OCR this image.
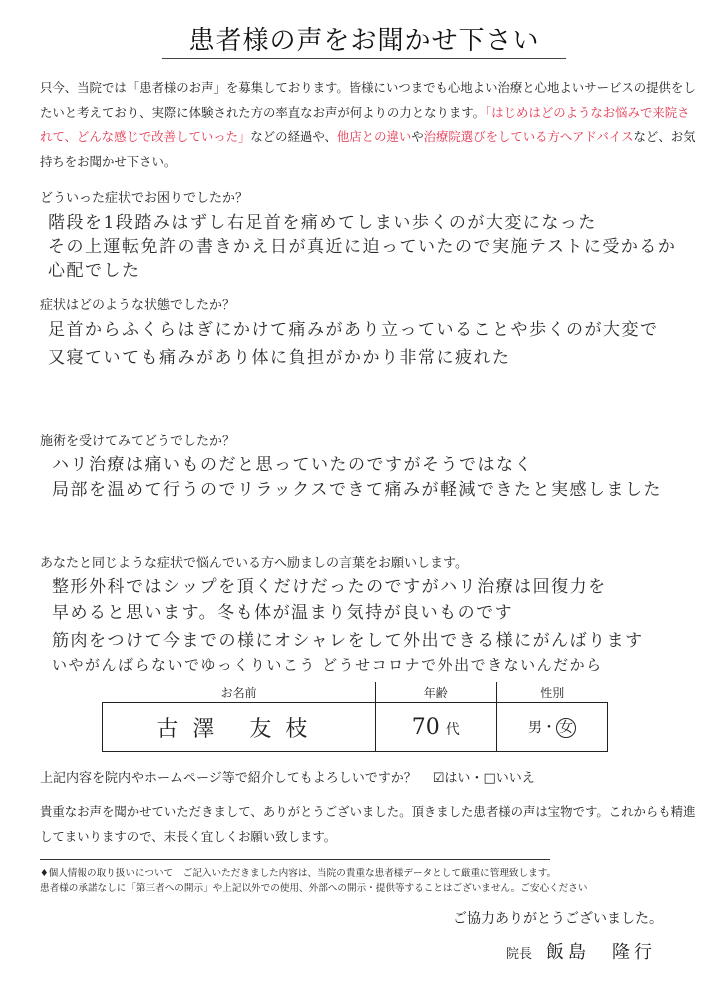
患者様の声をお聞かせ下さい
只今、当院では「患者様のお声」を募集しております。皆様にいつまでも心地よい治療と心地よいサービスの提供をしたいと考えており、実際に体験された方の率直なお声が何よりの力となります。「はじめはどのようなお悩みで来院されて、どんな感じで改善していった」などの経過や、他店との違いや治療院選びをしている方へアドバイスなど、お気持ちをお聞かせ下さい。
どういった症状でお困りでしたか？
階段を1段踏みはずし右足首を痛めてしまい歩くのが大変になった
その上運転免許の書きかえ日が真近に迫っていたので実施テストに受かるか
心配でした
症状はどのような状態でしたか？
足首からふくらはぎにかけて痛みがあり立っていることや歩くのが大変で
又寝ていても痛みがあり体に負担がかかり非常に疲れた
施術を受けてみてどうでしたか？
ハリ治療は痛いものだと思っていたのですがそうではなく
局部を温めて行うのでリラックスできて痛みが軽減できたと実感しました
あなたと同じような症状で悩んでいる方へ励ましの言葉をお願いします。
整形外科ではシップを頂くだけだったのですがハリ治療は回復力を
早めると思います。冬も体が温まり気持が良いものです
筋肉をつけて今までの様にオシャレをして外出できる様にがんばります
いやがんばらないでゆっくりいこう どうせコロナで外出できないんだから
お名前	年齢	性別
古澤 友枝	70 代	男・ 女
上記内容を院内やホームページ等で紹介してもよろしいですか？ ☑はい・□いいえ
貴重なお声を聞かせていただきまして、ありがとうございました。頂きました患者様の声は宝物です。これからも精進してまいりますので、末長く宜しくお願い致します。
♦個人情報の取り扱いについて　ご記入いただきました内容は、当院の貴重な患者様データとして厳重に管理致します。
患者様の承諾なしに「第三者への開示」や上記以外での使用、外部への開示・提供等することはございません。ご安心ください
ご協力ありがとうございました。
院長 飯島　隆行
